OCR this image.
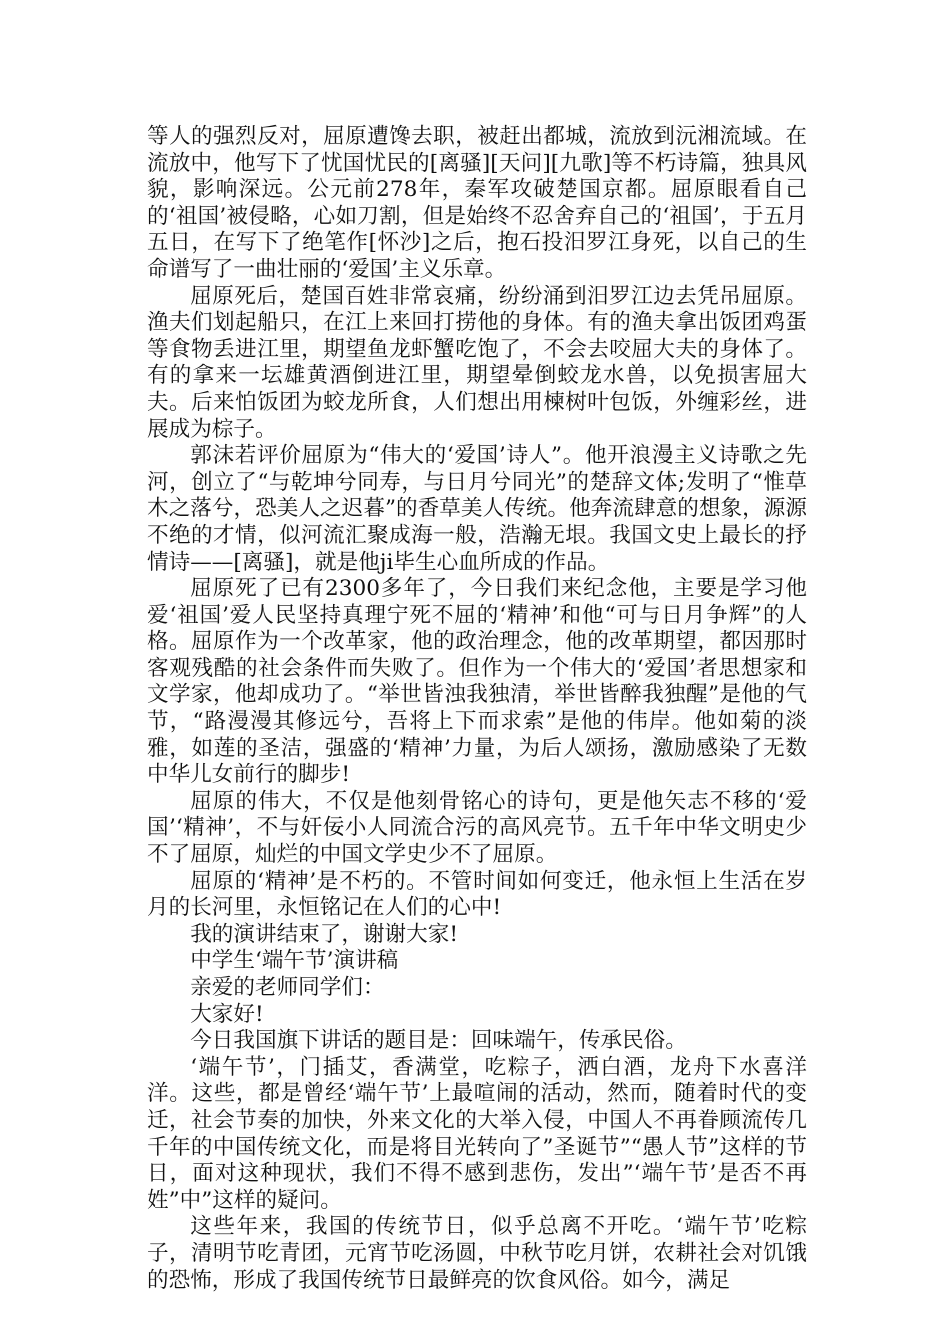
等人的强烈反对，屈原遭馋去职，被赶出都城，流放到沅湘流域。在流放中，他写下了忧国忧民的[离骚][天问][九歌]等不朽诗篇，独具风貌，影响深远。公元前278年，秦军攻破楚国京都。屈原眼看自己的‘祖国’被侵略，心如刀割，但是始终不忍舍弃自己的‘祖国’，于五月五日，在写下了绝笔作[怀沙]之后，抱石投汨罗江身死，以自己的生命谱写了一曲壮丽的‘爱国’主义乐章。

屈原死后，楚国百姓非常哀痛，纷纷涌到汨罗江边去凭吊屈原。渔夫们划起船只，在江上来回打捞他的身体。有的渔夫拿出饭团鸡蛋等食物丢进江里，期望鱼龙虾蟹吃饱了，不会去咬屈大夫的身体了。有的拿来一坛雄黄酒倒进江里，期望晕倒蛟龙水兽，以免损害屈大夫。后来怕饭团为蛟龙所食，人们想出用楝树叶包饭，外缠彩丝，进展成为棕子。

郭沫若评价屈原为“伟大的‘爱国’诗人”。他开浪漫主义诗歌之先河，创立了“与乾坤兮同寿，与日月兮同光”的楚辞文体;发明了“惟草木之落兮，恐美人之迟暮”的香草美人传统。他奔流肆意的想象，源源不绝的才情，似河流汇聚成海一般，浩瀚无垠。我国文史上最长的抒情诗——[离骚]，就是他ji毕生心血所成的作品。

屈原死了已有2300多年了，今日我们来纪念他，主要是学习他爱‘祖国’爱人民坚持真理宁死不屈的‘精神’和他“可与日月争辉”的人格。屈原作为一个改革家，他的政治理念，他的改革期望，都因那时客观残酷的社会条件而失败了。但作为一个伟大的‘爱国’者思想家和文学家，他却成功了。“举世皆浊我独清，举世皆醉我独醒”是他的气节，“路漫漫其修远兮，吾将上下而求索”是他的伟岸。他如菊的淡雅，如莲的圣洁，强盛的‘精神’力量，为后人颂扬，激励感染了无数中华儿女前行的脚步!

屈原的伟大，不仅是他刻骨铭心的诗句，更是他矢志不移的‘爱国’‘精神’，不与奸佞小人同流合污的高风亮节。五千年中华文明史少不了屈原，灿烂的中国文学史少不了屈原。

屈原的‘精神’是不朽的。不管时间如何变迁，他永恒上生活在岁月的长河里，永恒铭记在人们的心中!

我的演讲结束了，谢谢大家!

中学生‘端午节’演讲稿

亲爱的老师同学们：

大家好!

今日我国旗下讲话的题目是：回味端午，传承民俗。

‘端午节’，门插艾，香满堂，吃粽子，洒白酒，龙舟下水喜洋洋。这些，都是曾经‘端午节’上最喧闹的活动，然而，随着时代的变迁，社会节奏的加快，外来文化的大举入侵，中国人不再眷顾流传几千年的中国传统文化，而是将目光转向了”圣诞节”“愚人节”这样的节日，面对这种现状，我们不得不感到悲伤，发出”‘端午节’是否不再姓”中”这样的疑问。

这些年来，我国的传统节日，似乎总离不开吃。‘端午节’吃粽子，清明节吃青团，元宵节吃汤圆，中秋节吃月饼，农耕社会对饥饿的恐怖，形成了我国传统节日最鲜亮的饮食风俗。如今，满足
